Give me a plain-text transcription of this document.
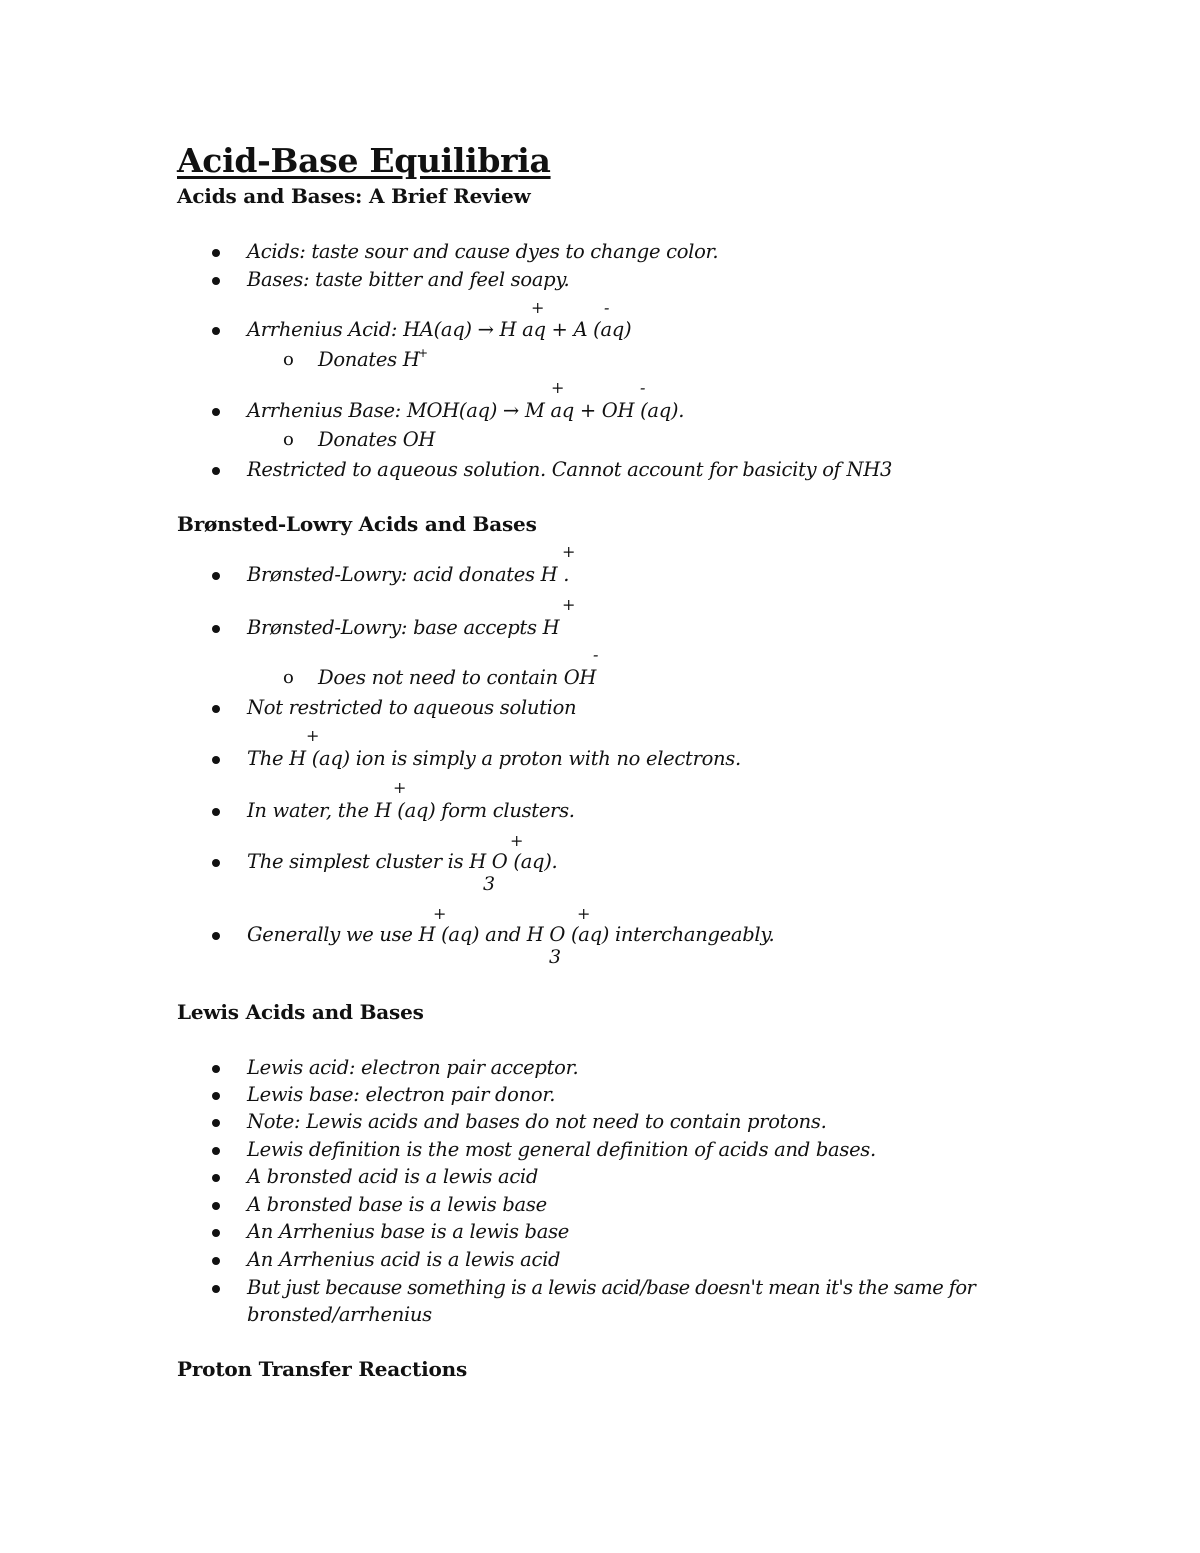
Acid-Base Equilibria
Acids and Bases: A Brief Review
Acids: taste sour and cause dyes to change color.
Bases: taste bitter and feel soapy.
+	-
Arrhenius Acid: HA(aq) → H aq + A (aq)
o Donates H
+
+	-
Arrhenius Base: MOH(aq) → M aq + OH (aq).
o Donates OH
Restricted to aqueous solution. Cannot account for basicity of NH3
Brønsted-Lowry Acids and Bases
+
Brønsted-Lowry: acid donates H .
+
Brønsted-Lowry: base accepts H
-
o Does not need to contain OH
Not restricted to aqueous solution
+
The H (aq) ion is simply a proton with no electrons.
+
In water, the H (aq) form clusters.
+
The simplest cluster is H O (aq).
3
+	+
Generally we use H (aq) and H O (aq) interchangeably.
3
Lewis Acids and Bases
Lewis acid: electron pair acceptor.
Lewis base: electron pair donor.
Note: Lewis acids and bases do not need to contain protons.
Lewis definition is the most general definition of acids and bases.
A bronsted acid is a lewis acid
A bronsted base is a lewis base
An Arrhenius base is a lewis base
An Arrhenius acid is a lewis acid
But just because something is a lewis acid/base doesn't mean it's the same for
bronsted/arrhenius
Proton Transfer Reactions
